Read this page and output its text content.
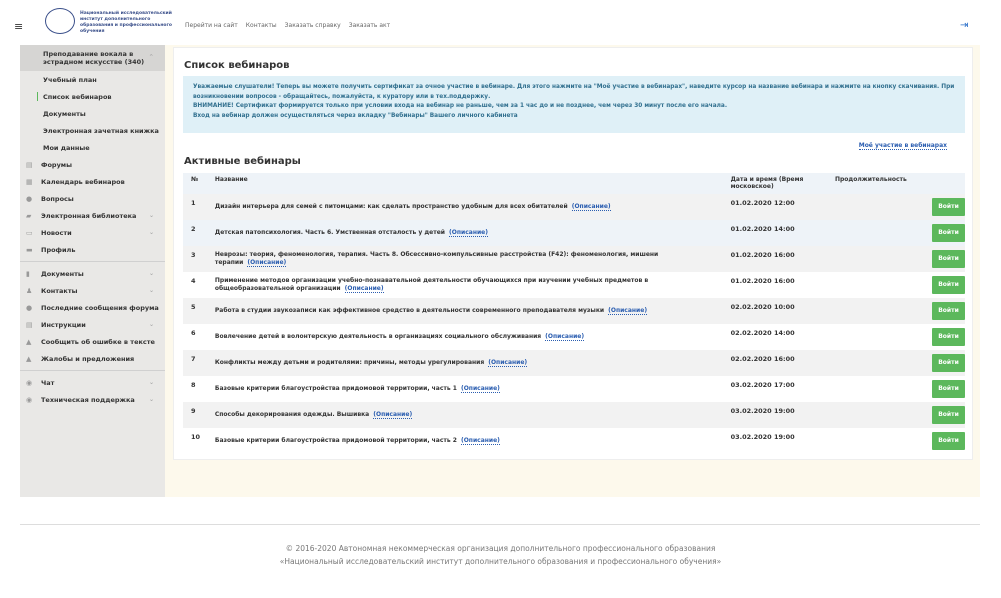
≡
Национальный исследовательский институт дополнительного образования и профессионального обучения
Перейти на сайт Контакты Заказать справку Заказать акт	⇥
Преподавание вокала в эстрадном искусстве (340)
⌃
Учебный план
Список вебинаров
Документы
Электронная зачетная книжка
Мои данные
▤	Форумы
▦	Календарь вебинаров
●	Вопросы
▰	Электронная библиотека ⌄
▭	Новости	⌄
▬	Профиль
▮	Документы	⌄
♟	Контакты	⌄
●	Последние сообщения форума
▤	Инструкции	⌄
▲	Сообщить об ошибке в тексте
▲	Жалобы и предложения
◉	Чат	⌄
◉	Техническая поддержка ⌄
Список вебинаров
Уважаемые слушатели! Теперь вы можете получить сертификат за очное участие в вебинаре. Для этого нажмите на "Моё участие в вебинарах", наведите курсор на название вебинара и нажмите на кнопку скачивания. При возникновении вопросов - обращайтесь, пожалуйста, к куратору или в тех.поддержку.
ВНИМАНИЕ! Сертификат формируется только при условии входа на вебинар не раньше, чем за 1 час до и не позднее, чем через 30 минут после его начала.
Вход на вебинар должен осуществляться через вкладку "Вебинары" Вашего личного кабинета
Моё участие в вебинарах
Активные вебинары
№	Название	Дата и время (Время московское)	Продолжительность	
1	Дизайн интерьера для семей с питомцами: как сделать пространство удобным для всех обитателей (Описание)	01.02.2020 12:00		Войти

2	Детская патопсихология. Часть 6. Умственная отсталость у детей (Описание)	01.02.2020 14:00		Войти

3	Неврозы: теория, феноменология, терапия. Часть 8. Обсессивно-компульсивные расстройства (F42): феноменология, мишени терапии (Описание)	01.02.2020 16:00		Войти

4	Применение методов организации учебно-познавательной деятельности обучающихся при изучении учебных предметов в общеобразовательной организации (Описание)	01.02.2020 16:00		Войти

5	Работа в студии звукозаписи как эффективное средство в деятельности современного преподавателя музыки (Описание)	02.02.2020 10:00		Войти

6	Вовлечение детей в волонтерскую деятельность в организациях социального обслуживания (Описание)	02.02.2020 14:00		Войти

7	Конфликты между детьми и родителями: причины, методы урегулирования (Описание)	02.02.2020 16:00		Войти

8	Базовые критерии благоустройства придомовой территории, часть 1 (Описание)	03.02.2020 17:00		Войти

9	Способы декорирования одежды. Вышивка (Описание)	03.02.2020 19:00		Войти

10	Базовые критерии благоустройства придомовой территории, часть 2 (Описание)	03.02.2020 19:00		Войти
© 2016-2020 Автономная некоммерческая организация дополнительного профессионального образования
«Национальный исследовательский институт дополнительного образования и профессионального обучения»
